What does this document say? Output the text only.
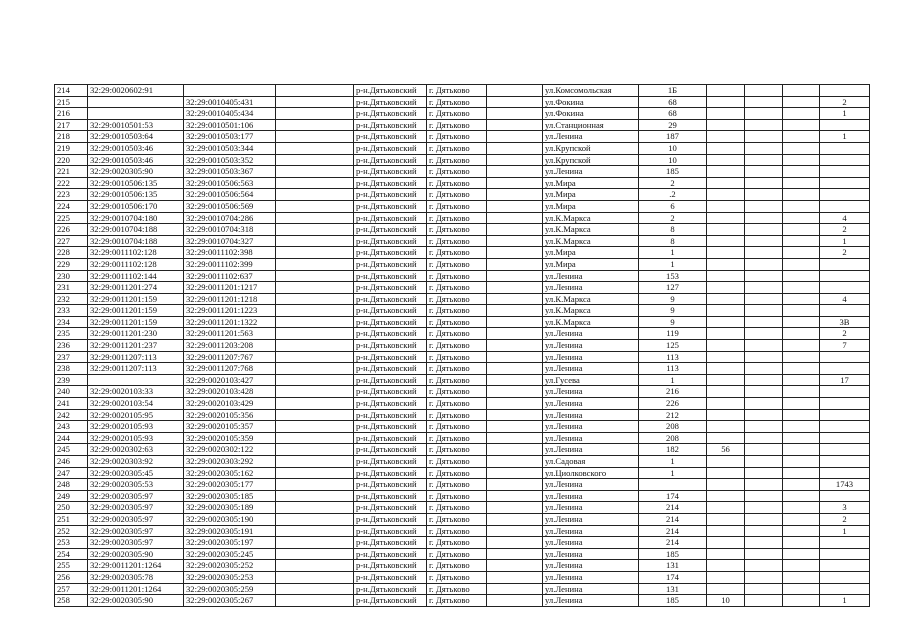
214	32:29:0020602:91			р-н.Дятьковский	г. Дятьково		ул.Комсомольская	1Б				
215		32:29:0010405:431		р-н.Дятьковский	г. Дятьково		ул.Фокина	68				2
216		32:29:0010405:434		р-н.Дятьковский	г. Дятьково		ул.Фокина	68				1
217	32:29:0010501:53	32:29:0010501:106		р-н.Дятьковский	г. Дятьково		ул.Станционная	29				
218	32:29:0010503:64	32:29:0010503:177		р-н.Дятьковский	г. Дятьково		ул.Ленина	187				1
219	32:29:0010503:46	32:29:0010503:344		р-н.Дятьковский	г. Дятьково		ул.Крупской	10				
220	32:29:0010503:46	32:29:0010503:352		р-н.Дятьковский	г. Дятьково		ул.Крупской	10				
221	32:29:0020305:90	32:29:0010503:367		р-н.Дятьковский	г. Дятьково		ул.Ленина	185				
222	32:29:0010506:135	32:29:0010506:563		р-н.Дятьковский	г. Дятьково		ул.Мира	2				
223	32:29:0010506:135	32:29:0010506:564		р-н.Дятьковский	г. Дятьково		ул.Мира	.2				
224	32:29:0010506:170	32:29:0010506:569		р-н.Дятьковский	г. Дятьково		ул.Мира	6				
225	32:29:0010704:180	32:29:0010704:286		р-н.Дятьковский	г. Дятьково		ул.К.Маркса	2				4
226	32:29:0010704:188	32:29:0010704:318		р-н.Дятьковский	г. Дятьково		ул.К.Маркса	8				2
227	32:29:0010704:188	32:29:0010704:327		р-н.Дятьковский	г. Дятьково		ул.К.Маркса	8				1
228	32:29:0011102:128	32:29:0011102:398		р-н.Дятьковский	г. Дятьково		ул.Мира	1				2
229	32:29:0011102:128	32:29:0011102:399		р-н.Дятьковский	г. Дятьково		ул.Мира	1				
230	32:29:0011102:144	32:29:0011102:637		р-н.Дятьковский	г. Дятьково		ул.Ленина	153				
231	32:29:0011201:274	32:29:0011201:1217		р-н.Дятьковский	г. Дятьково		ул.Ленина	127				
232	32:29:0011201:159	32:29:0011201:1218		р-н.Дятьковский	г. Дятьково		ул.К.Маркса	9				4
233	32:29:0011201:159	32:29:0011201:1223		р-н.Дятьковский	г. Дятьково		ул.К.Маркса	9				
234	32:29:0011201:159	32:29:0011201:1322		р-н.Дятьковский	г. Дятьково		ул.К.Маркса	9				3В
235	32:29:0011201:230	32:29:0011201:563		р-н.Дятьковский	г. Дятьково		ул.Ленина	119				2
236	32:29:0011201:237	32:29:0011203:208		р-н.Дятьковский	г. Дятьково		ул.Ленина	125				7
237	32:29:0011207:113	32:29:0011207:767		р-н.Дятьковский	г. Дятьково		ул.Ленина	113				
238	32:29:0011207:113	32:29:0011207:768		р-н.Дятьковский	г. Дятьково		ул.Ленина	113				
239		32:29:0020103:427		р-н.Дятьковский	г. Дятьково		ул.Гусева	1				17
240	32:29:0020103:33	32:29:0020103:428		р-н.Дятьковский	г. Дятьково		ул.Ленина	216				
241	32:29:0020103:54	32:29:0020103:429		р-н.Дятьковский	г. Дятьково		ул.Ленина	226				
242	32:29:0020105:95	32:29:0020105:356		р-н.Дятьковский	г. Дятьково		ул.Ленина	212				
243	32:29:0020105:93	32:29:0020105:357		р-н.Дятьковский	г. Дятьково		ул.Ленина	208				
244	32:29:0020105:93	32:29:0020105:359		р-н.Дятьковский	г. Дятьково		ул.Ленина	208				
245	32:29:0020302:63	32:29:0020302:122		р-н.Дятьковский	г. Дятьково		ул.Ленина	182	56			
246	32:29:0020303:92	32:29:0020303:292		р-н.Дятьковский	г. Дятьково		ул.Садовая	1				
247	32:29:0020305:45	32:29:0020305:162		р-н.Дятьковский	г. Дятьково		ул.Циолковского	1				
248	32:29:0020305:53	32:29:0020305:177		р-н.Дятьковский	г. Дятьково		ул.Ленина					1743
249	32:29:0020305:97	32:29:0020305:185		р-н.Дятьковский	г. Дятьково		ул.Ленина	174				
250	32:29:0020305:97	32:29:0020305:189		р-н.Дятьковский	г. Дятьково		ул.Ленина	214				3
251	32:29:0020305:97	32:29:0020305:190		р-н.Дятьковский	г. Дятьково		ул.Ленина	214				2
252	32:29:0020305:97	32:29:0020305:191		р-н.Дятьковский	г. Дятьково		ул.Ленина	214				1
253	32:29:0020305:97	32:29:0020305:197		р-н.Дятьковский	г. Дятьково		ул.Ленина	214				
254	32:29:0020305:90	32:29:0020305:245		р-н.Дятьковский	г. Дятьково		ул.Ленина	185				
255	32:29:0011201:1264	32:29:0020305:252		р-н.Дятьковский	г. Дятьково		ул.Ленина	131				
256	32:29:0020305:78	32:29:0020305:253		р-н.Дятьковский	г. Дятьково		ул.Ленина	174				
257	32:29:0011201:1264	32:29:0020305:259		р-н.Дятьковский	г. Дятьково		ул.Ленина	131				
258	32:29:0020305:90	32:29:0020305:267		р-н.Дятьковский	г. Дятьково		ул.Ленина	185	10			1
